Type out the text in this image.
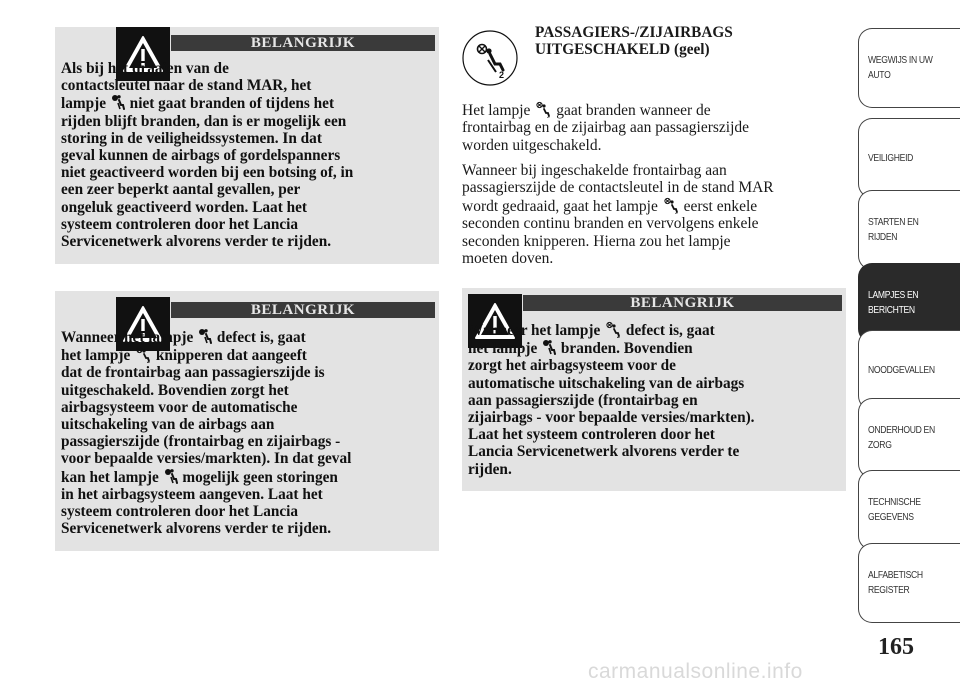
BELANGRIJK
Als bij het draaien van de
contactsleutel naar de stand MAR, het
lampje  niet gaat branden of tijdens het
rijden blijft branden, dan is er mogelijk een
storing in de veiligheidssystemen. In dat
geval kunnen de airbags of gordelspanners
niet geactiveerd worden bij een botsing of, in
een zeer beperkt aantal gevallen, per
ongeluk geactiveerd worden. Laat het
systeem controleren door het Lancia
Servicenetwerk alvorens verder te rijden.
BELANGRIJK
Wanneer het lampje  defect is, gaat
het lampje	2 knipperen dat aangeeft
dat de frontairbag aan passagierszijde is
uitgeschakeld. Bovendien zorgt het
airbagsysteem voor de automatische
uitschakeling van de airbags aan
passagierszijde (frontairbag en zijairbags -
voor bepaalde versies/markten). In dat geval
kan het lampje  mogelijk geen storingen
in het airbagsysteem aangeven. Laat het
systeem controleren door het Lancia
Servicenetwerk alvorens verder te rijden.
2
PASSAGIERS-/ZIJAIRBAGS
UITGESCHAKELD (geel)
Het lampje	2 gaat branden wanneer de
frontairbag en de zijairbag aan passagierszijde
worden uitgeschakeld.
Wanneer bij ingeschakelde frontairbag aan
passagierszijde de contactsleutel in de stand MAR
wordt gedraaid, gaat het lampje	2 eerst enkele
seconden continu branden en vervolgens enkele
seconden knipperen. Hierna zou het lampje
moeten doven.
BELANGRIJK
Wanneer het lampje	2 defect is, gaat
het lampje  branden. Bovendien
zorgt het airbagsysteem voor de
automatische uitschakeling van de airbags
aan passagierszijde (frontairbag en
zijairbags - voor bepaalde versies/markten).
Laat het systeem controleren door het
Lancia Servicenetwerk alvorens verder te
rijden.
WEGWIJS IN UW
AUTO
VEILIGHEID
STARTEN EN
RIJDEN
LAMPJES EN
BERICHTEN
NOODGEVALLEN
ONDERHOUD EN
ZORG
TECHNISCHE
GEGEVENS
ALFABETISCH
REGISTER
165
carmanualsonline.info
